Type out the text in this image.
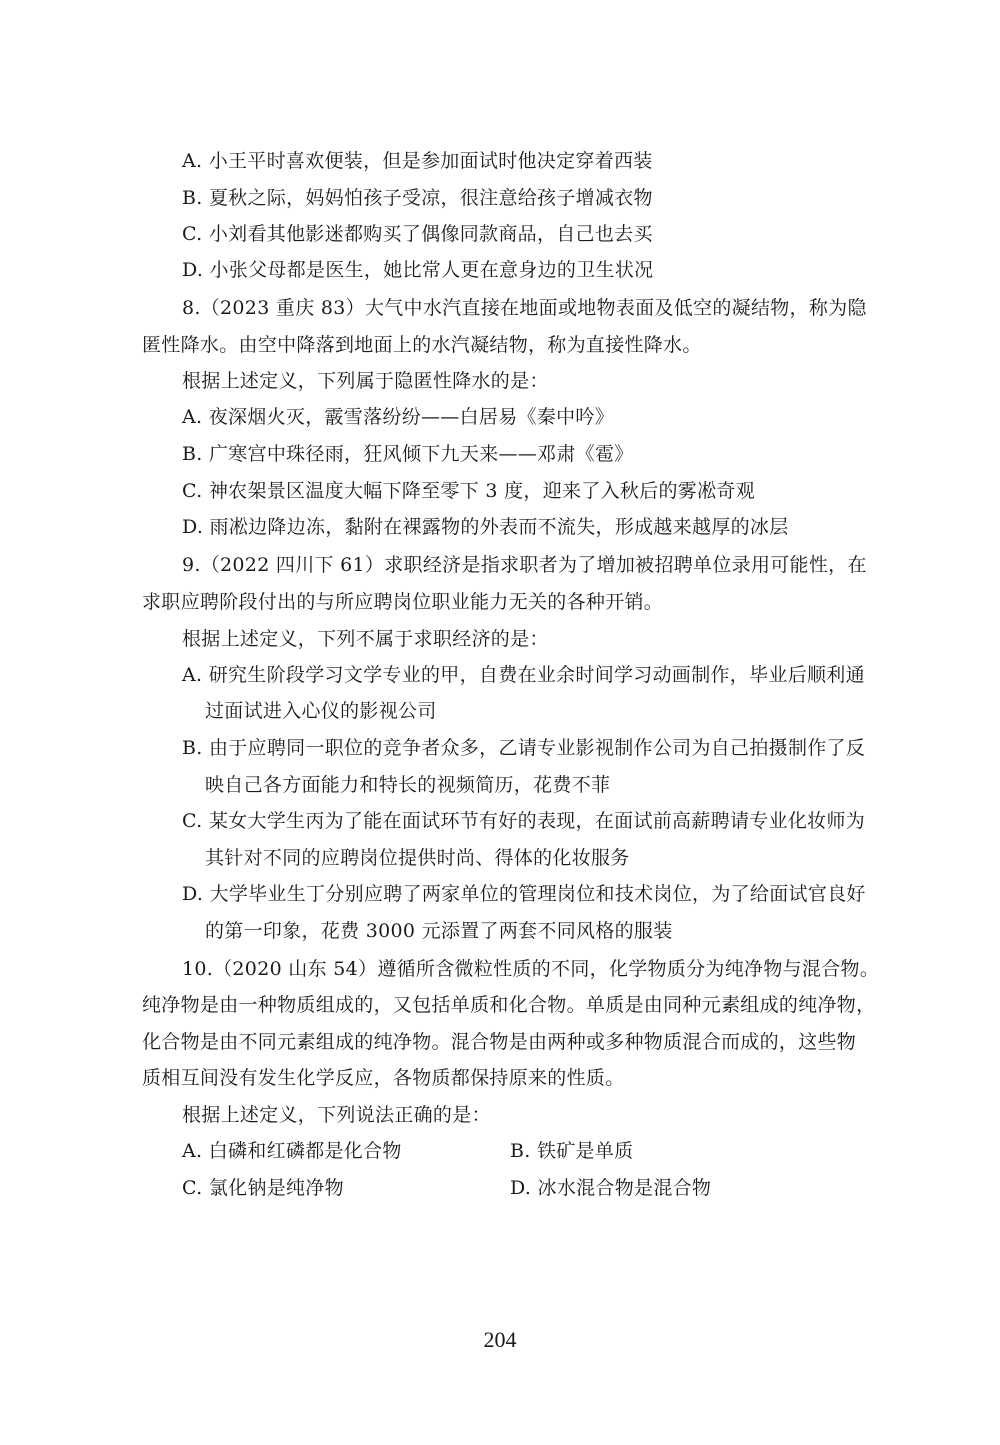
A. 小王平时喜欢便装，但是参加面试时他决定穿着西装
B. 夏秋之际，妈妈怕孩子受凉，很注意给孩子增减衣物
C. 小刘看其他影迷都购买了偶像同款商品，自己也去买
D. 小张父母都是医生，她比常人更在意身边的卫生状况
8.（2023 重庆 83）大气中水汽直接在地面或地物表面及低空的凝结物，称为隐
匿性降水。由空中降落到地面上的水汽凝结物，称为直接性降水。
根据上述定义，下列属于隐匿性降水的是：
A. 夜深烟火灭，霰雪落纷纷——白居易《秦中吟》
B. 广寒宫中珠径雨，狂风倾下九天来——邓肃《雹》
C. 神农架景区温度大幅下降至零下 3 度，迎来了入秋后的雾凇奇观
D. 雨凇边降边冻，黏附在裸露物的外表而不流失，形成越来越厚的冰层
9.（2022 四川下 61）求职经济是指求职者为了增加被招聘单位录用可能性，在
求职应聘阶段付出的与所应聘岗位职业能力无关的各种开销。
根据上述定义，下列不属于求职经济的是：
A. 研究生阶段学习文学专业的甲，自费在业余时间学习动画制作，毕业后顺利通
过面试进入心仪的影视公司
B. 由于应聘同一职位的竞争者众多，乙请专业影视制作公司为自己拍摄制作了反
映自己各方面能力和特长的视频简历，花费不菲
C. 某女大学生丙为了能在面试环节有好的表现，在面试前高薪聘请专业化妆师为
其针对不同的应聘岗位提供时尚、得体的化妆服务
D. 大学毕业生丁分别应聘了两家单位的管理岗位和技术岗位，为了给面试官良好
的第一印象，花费 3000 元添置了两套不同风格的服装
10.（2020 山东 54）遵循所含微粒性质的不同，化学物质分为纯净物与混合物。
纯净物是由一种物质组成的，又包括单质和化合物。单质是由同种元素组成的纯净物，
化合物是由不同元素组成的纯净物。混合物是由两种或多种物质混合而成的，这些物
质相互间没有发生化学反应，各物质都保持原来的性质。
根据上述定义，下列说法正确的是：
A. 白磷和红磷都是化合物	B. 铁矿是单质
C. 氯化钠是纯净物	D. 冰水混合物是混合物
204
